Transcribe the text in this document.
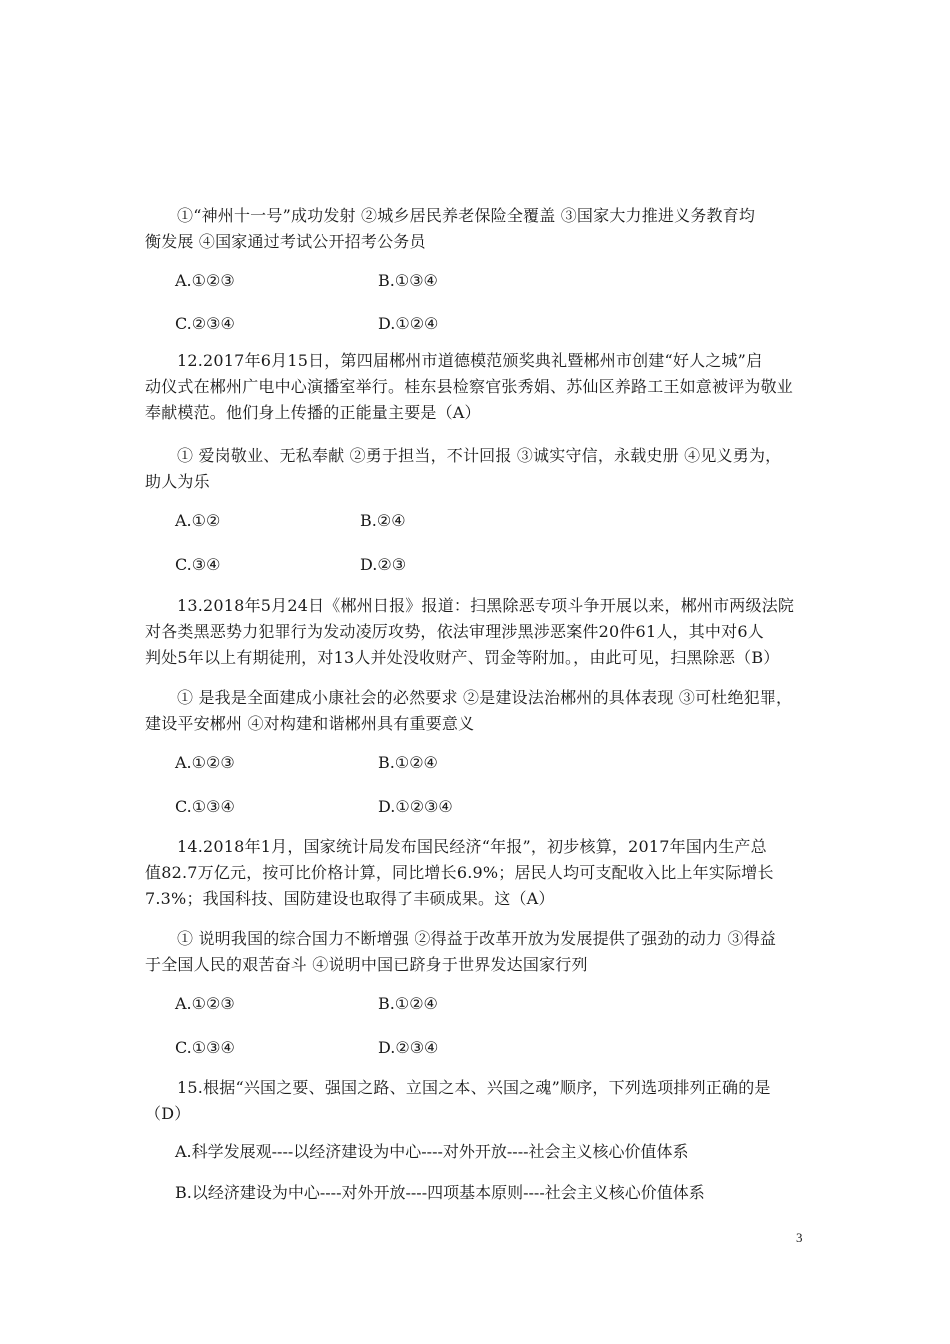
①“神州十一号”成功发射 ②城乡居民养老保险全覆盖 ③国家大力推进义务教育均

衡发展 ④国家通过考试公开招考公务员

A.①②③	B.①③④

C.②③④	D.①②④

12.2017年6月15日，第四届郴州市道德模范颁奖典礼暨郴州市创建“好人之城”启

动仪式在郴州广电中心演播室举行。桂东县检察官张秀娟、苏仙区养路工王如意被评为敬业

奉献模范。他们身上传播的正能量主要是（A）

① 爱岗敬业、无私奉献 ②勇于担当，不计回报 ③诚实守信，永载史册 ④见义勇为，

助人为乐

A.①②	B.②④

C.③④	D.②③

13.2018年5月24日《郴州日报》报道：扫黑除恶专项斗争开展以来，郴州市两级法院

对各类黑恶势力犯罪行为发动凌厉攻势，依法审理涉黑涉恶案件20件61人，其中对6人

判处5年以上有期徒刑，对13人并处没收财产、罚金等附加。，由此可见，扫黑除恶（B）

① 是我是全面建成小康社会的必然要求 ②是建设法治郴州的具体表现 ③可杜绝犯罪，

建设平安郴州 ④对构建和谐郴州具有重要意义

A.①②③	B.①②④

C.①③④	D.①②③④

14.2018年1月，国家统计局发布国民经济“年报”，初步核算，2017年国内生产总

值82.7万亿元，按可比价格计算，同比增长6.9%；居民人均可支配收入比上年实际增长

7.3%；我国科技、国防建设也取得了丰硕成果。这（A）

① 说明我国的综合国力不断增强 ②得益于改革开放为发展提供了强劲的动力 ③得益

于全国人民的艰苦奋斗 ④说明中国已跻身于世界发达国家行列

A.①②③	B.①②④

C.①③④	D.②③④

15.根据“兴国之要、强国之路、立国之本、兴国之魂”顺序，下列选项排列正确的是

（D）

A.科学发展观----以经济建设为中心----对外开放----社会主义核心价值体系

B.以经济建设为中心----对外开放----四项基本原则----社会主义核心价值体系

3
